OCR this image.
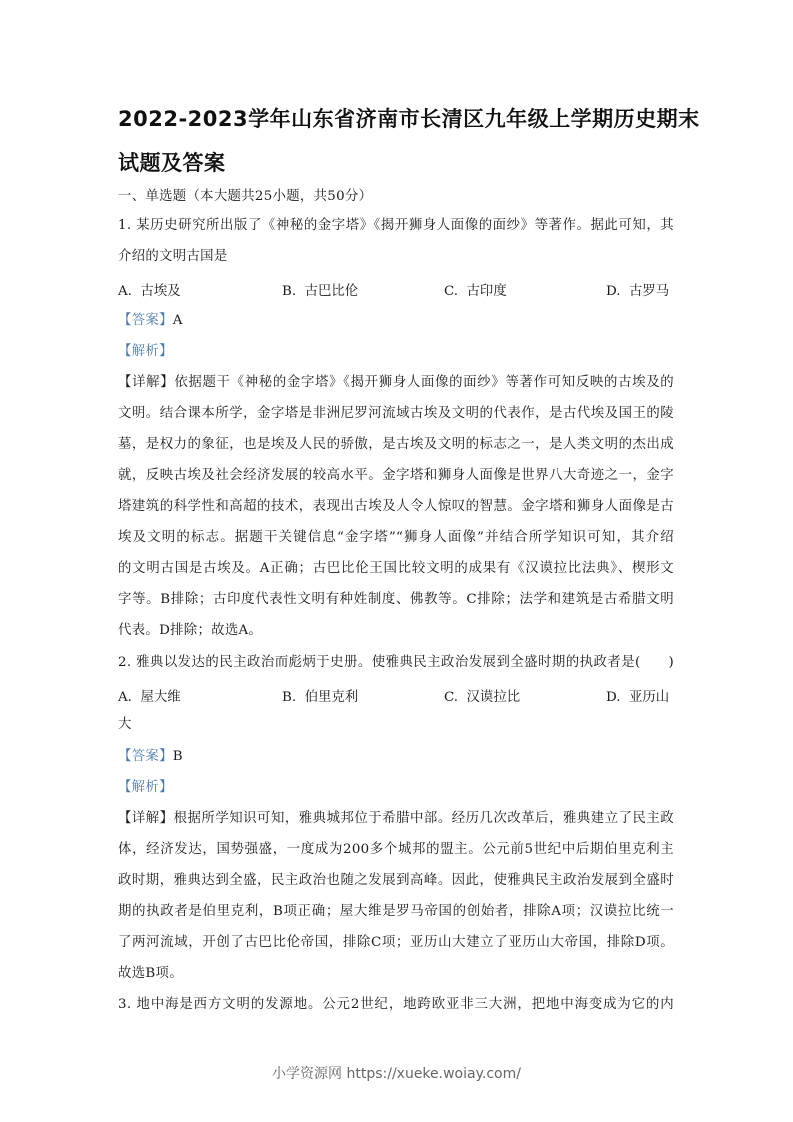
2022-2023学年山东省济南市长清区九年级上学期历史期末
试题及答案
一、单选题（本大题共25小题，共50分）
1. 某历史研究所出版了《神秘的金字塔》《揭开狮身人面像的面纱》等著作。据此可知，其
介绍的文明古国是
A. 古埃及	B. 古巴比伦	C. 古印度	D. 古罗马
【答案】A
【解析】
【详解】依据题干《神秘的金字塔》《揭开狮身人面像的面纱》等著作可知反映的古埃及的
文明。结合课本所学，金字塔是非洲尼罗河流域古埃及文明的代表作，是古代埃及国王的陵
墓，是权力的象征，也是埃及人民的骄傲，是古埃及文明的标志之一，是人类文明的杰出成
就，反映古埃及社会经济发展的较高水平。金字塔和狮身人面像是世界八大奇迹之一，金字
塔建筑的科学性和高超的技术，表现出古埃及人令人惊叹的智慧。金字塔和狮身人面像是古
埃及文明的标志。据题干关键信息“金字塔”“狮身人面像”并结合所学知识可知，其介绍
的文明古国是古埃及。A正确；古巴比伦王国比较文明的成果有《汉谟拉比法典》、楔形文
字等。B排除；古印度代表性文明有种姓制度、佛教等。C排除；法学和建筑是古希腊文明
代表。D排除；故选A。
2. 雅典以发达的民主政治而彪炳于史册。使雅典民主政治发展到全盛时期的执政者是(　　)
A. 屋大维	B. 伯里克利	C. 汉谟拉比	D. 亚历山
大
【答案】B
【解析】
【详解】根据所学知识可知，雅典城邦位于希腊中部。经历几次改革后，雅典建立了民主政
体，经济发达，国势强盛，一度成为200多个城邦的盟主。公元前5世纪中后期伯里克利主
政时期，雅典达到全盛，民主政治也随之发展到高峰。因此，使雅典民主政治发展到全盛时
期的执政者是伯里克利，B项正确；屋大维是罗马帝国的创始者，排除A项；汉谟拉比统一
了两河流域，开创了古巴比伦帝国，排除C项；亚历山大建立了亚历山大帝国，排除D项。
故选B项。
3. 地中海是西方文明的发源地。公元2世纪，地跨欧亚非三大洲，把地中海变成为它的内
小学资源网 https://xueke.woiay.com/
